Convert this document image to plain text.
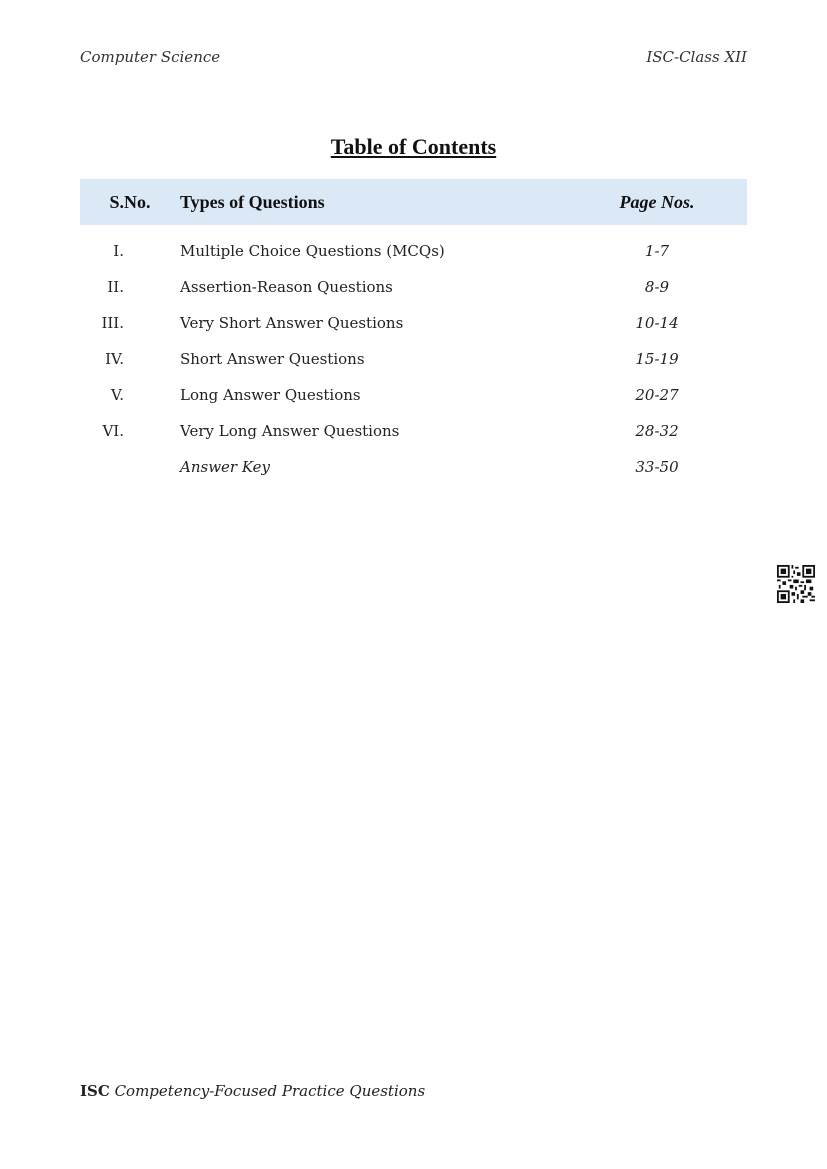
Computer Science	ISC-Class XII
Table of Contents
S.No.	Types of Questions	Page Nos.

I.	Multiple Choice Questions (MCQs)	1-7
II.	Assertion-Reason Questions	8-9
III.	Very Short Answer Questions	10-14
IV.	Short Answer Questions	15-19
V.	Long Answer Questions	20-27
VI.	Very Long Answer Questions	28-32
	Answer Key	33-50
ISC Competency-Focused Practice Questions
